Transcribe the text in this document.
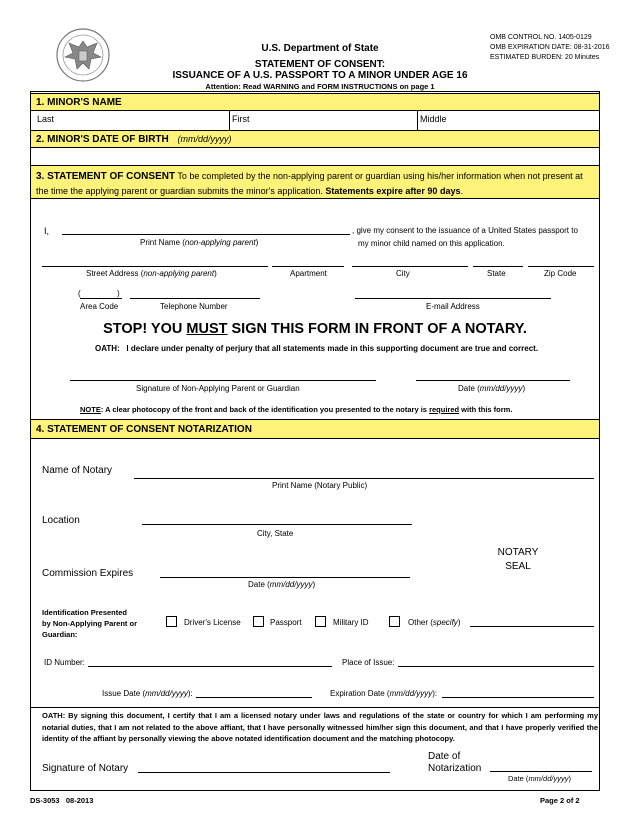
U.S. Department of State
STATEMENT OF CONSENT:
ISSUANCE OF A U.S. PASSPORT TO A MINOR UNDER AGE 16
Attention: Read WARNING and FORM INSTRUCTIONS on page 1
OMB CONTROL NO. 1405-0129
OMB EXPIRATION DATE: 08-31-2016
ESTIMATED BURDEN: 20 Minutes
1. MINOR'S NAME
Last	First	Middle
2. MINOR'S DATE OF BIRTH (mm/dd/yyyy)
3. STATEMENT OF CONSENT To be completed by the non-applying parent or guardian using his/her information when not present at the time the applying parent or guardian submits the minor's application. Statements expire after 90 days.
I,	, give my consent to the issuance of a United States passport to
my minor child named on this application.
Print Name (non-applying parent)
Street Address (non-applying parent)	Apartment	City	State	Zip Code
(	)
Area Code	Telephone Number	E-mail Address
STOP! YOU MUST SIGN THIS FORM IN FRONT OF A NOTARY.
OATH: I declare under penalty of perjury that all statements made in this supporting document are true and correct.
Signature of Non-Applying Parent or Guardian	Date (mm/dd/yyyy)
NOTE: A clear photocopy of the front and back of the identification you presented to the notary is required with this form.
4. STATEMENT OF CONSENT NOTARIZATION
Name of Notary
Print Name (Notary Public)
Location
City, State
NOTARY
SEAL
Commission Expires
Date (mm/dd/yyyy)
Identification Presented
by Non-Applying Parent or
Guardian:
Driver's License	Passport	Military ID	Other (specify)
ID Number:	Place of Issue:
Issue Date (mm/dd/yyyy):	Expiration Date (mm/dd/yyyy):
OATH: By signing this document, I certify that I am a licensed notary under laws and regulations of the state or country for which I am performing my notarial duties, that I am not related to the above affiant, that I have personally witnessed him/her sign this document, and that I have properly verified the identity of the affiant by personally viewing the above notated identification document and the matching photocopy.
Signature of Notary
Date of
Notarization
Date (mm/dd/yyyy)
DS-3053   08-2013	Page 2 of 2
